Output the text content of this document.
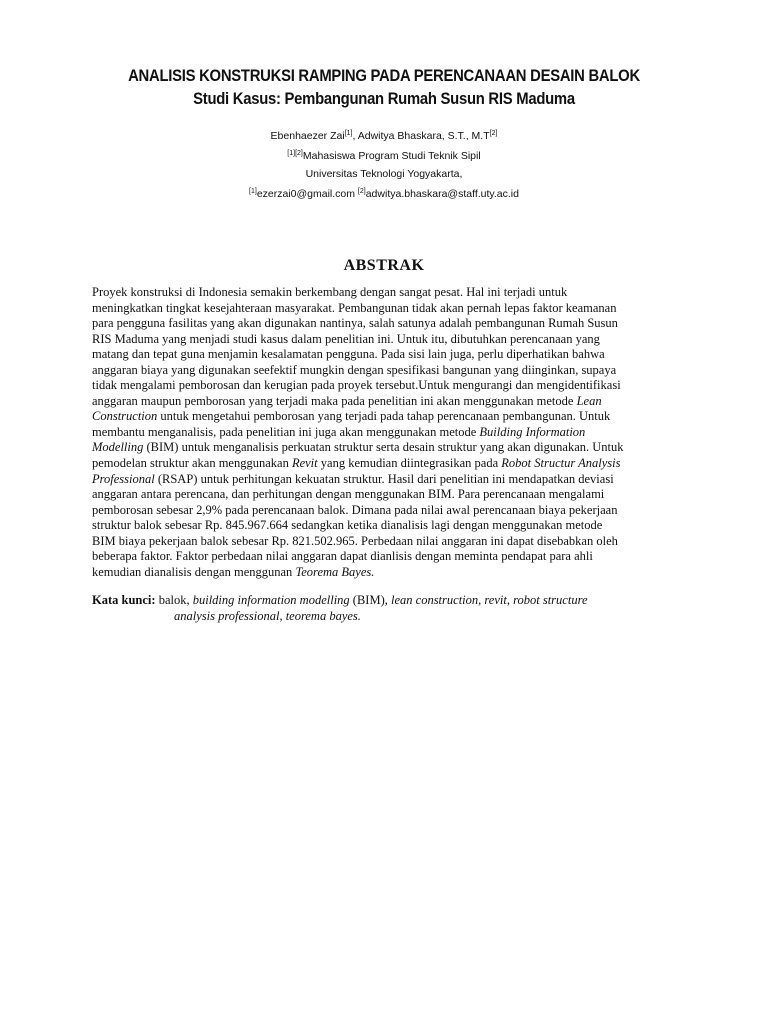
ANALISIS KONSTRUKSI RAMPING PADA PERENCANAAN DESAIN BALOK
Studi Kasus: Pembangunan Rumah Susun RIS Maduma
Ebenhaezer Zai[1], Adwitya Bhaskara, S.T., M.T[2]
[1][2]Mahasiswa Program Studi Teknik Sipil
Universitas Teknologi Yogyakarta,
[1]ezerzai0@gmail.com [2]adwitya.bhaskara@staff.uty.ac.id
ABSTRAK
Proyek konstruksi di Indonesia semakin berkembang dengan sangat pesat. Hal ini terjadi untuk
meningkatkan tingkat kesejahteraan masyarakat. Pembangunan tidak akan pernah lepas faktor keamanan
para pengguna fasilitas yang akan digunakan nantinya, salah satunya adalah pembangunan Rumah Susun
RIS Maduma yang menjadi studi kasus dalam penelitian ini. Untuk itu, dibutuhkan perencanaan yang
matang dan tepat guna menjamin kesalamatan pengguna. Pada sisi lain juga, perlu diperhatikan bahwa
anggaran biaya yang digunakan seefektif mungkin dengan spesifikasi bangunan yang diinginkan, supaya
tidak mengalami pemborosan dan kerugian pada proyek tersebut.Untuk mengurangi dan mengidentifikasi
anggaran maupun pemborosan yang terjadi maka pada penelitian ini akan menggunakan metode Lean
Construction untuk mengetahui pemborosan yang terjadi pada tahap perencanaan pembangunan. Untuk
membantu menganalisis, pada penelitian ini juga akan menggunakan metode Building Information
Modelling (BIM) untuk menganalisis perkuatan struktur serta desain struktur yang akan digunakan. Untuk
pemodelan struktur akan menggunakan Revit yang kemudian diintegrasikan pada Robot Structur Analysis
Professional (RSAP) untuk perhitungan kekuatan struktur. Hasil dari penelitian ini mendapatkan deviasi
anggaran antara perencana, dan perhitungan dengan menggunakan BIM. Para perencanaan mengalami
pemborosan sebesar 2,9% pada perencanaan balok. Dimana pada nilai awal perencanaan biaya pekerjaan
struktur balok sebesar Rp. 845.967.664 sedangkan ketika dianalisis lagi dengan menggunakan metode
BIM biaya pekerjaan balok sebesar Rp. 821.502.965. Perbedaan nilai anggaran ini dapat disebabkan oleh
beberapa faktor. Faktor perbedaan nilai anggaran dapat dianlisis dengan meminta pendapat para ahli
kemudian dianalisis dengan menggunan Teorema Bayes.
Kata kunci: balok, building information modelling (BIM), lean construction, revit, robot structure
analysis professional, teorema bayes.
